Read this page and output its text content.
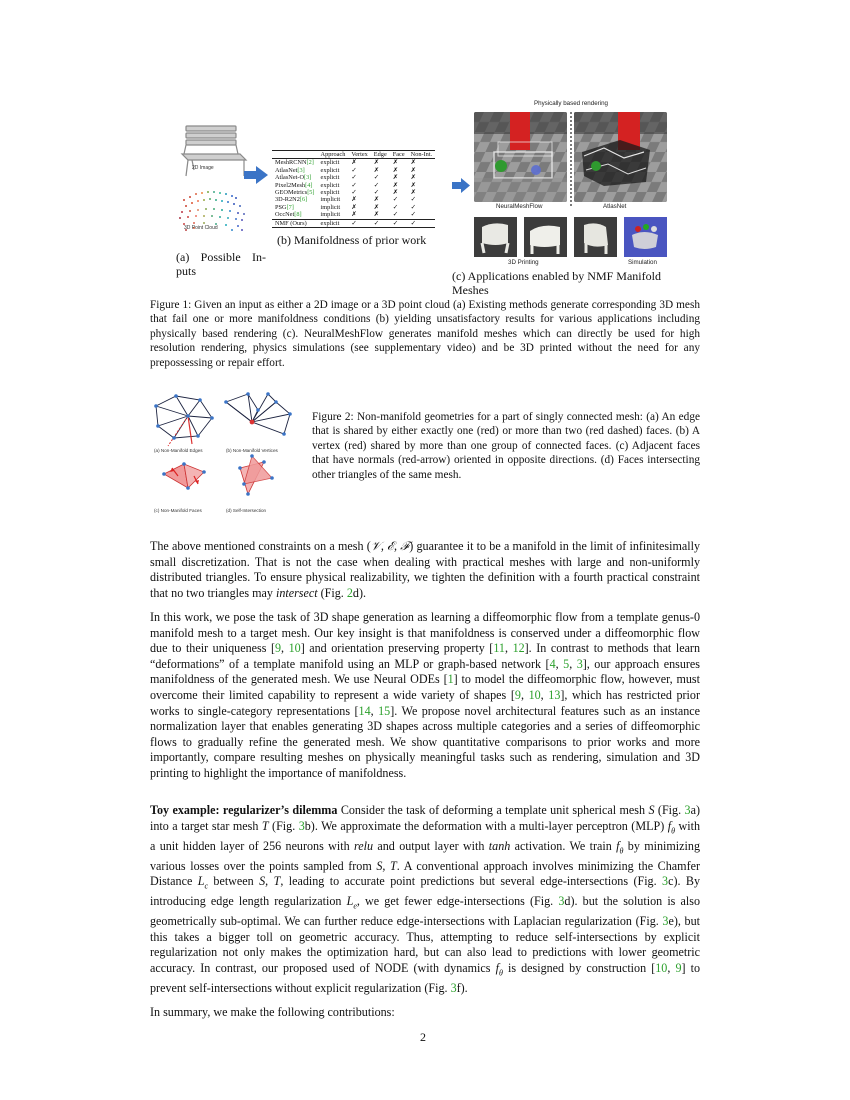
2D Image
3D Point Cloud
(a) Possible In-
puts
	Approach	Vertex	Edge	Face	Non-Int.
MeshRCNN[2]	explicit	✗	✗	✗	✗
AtlasNet[3]	explicit	✓	✗	✗	✗
AtlasNet-O[3]	explicit	✓	✓	✗	✗
Pixel2Mesh[4]	explicit	✓	✓	✗	✗
GEOMetrics[5]	explicit	✓	✓	✗	✗
3D-R2N2[6]	implicit	✗	✗	✓	✓
PSG[7]	implicit	✗	✗	✓	✓
OccNet[8]	implicit	✗	✗	✓	✓
NMF (Ours)	explicit	✓	✓	✓	✓
(b) Manifoldness of prior work
Physically based rendering
NeuralMeshFlow	AtlasNet
3D Printing	Simulation
(c) Applications enabled by NMF Manifold
Meshes
Figure 1: Given an input as either a 2D image or a 3D point cloud (a) Existing methods generate corresponding 3D mesh that fail one or more manifoldness conditions (b) yielding unsatisfactory results for various applications including physically based rendering (c). NeuralMeshFlow generates manifold meshes which can directly be used for high resolution rendering, physics simulations (see supplementary video) and be 3D printed without the need for any prepossessing or repair effort.
(a) Non-Manifold Edges	(b) Non-Manifold Vertices
(c) Non-Manifold Faces	(d) Self-Intersection
Figure 2: Non-manifold geometries for a part of singly connected mesh: (a) An edge that is shared by either exactly one (red) or more than two (red dashed) faces. (b) A vertex (red) shared by more than one group of connected faces. (c) Adjacent faces that have normals (red-arrow) oriented in opposite directions. (d) Faces intersecting other triangles of the same mesh.
The above mentioned constraints on a mesh (𝒱, ℰ, ℱ) guarantee it to be a manifold in the limit of infinitesimally small discretization. That is not the case when dealing with practical meshes with large and non-uniformly distributed triangles. To ensure physical realizability, we tighten the definition with a fourth practical constraint that no two triangles may intersect (Fig. 2d).
In this work, we pose the task of 3D shape generation as learning a diffeomorphic flow from a template genus-0 manifold mesh to a target mesh. Our key insight is that manifoldness is conserved under a diffeomorphic flow due to their uniqueness [9, 10] and orientation preserving property [11, 12]. In contrast to methods that learn “deformations” of a template manifold using an MLP or graph-based network [4, 5, 3], our approach ensures manifoldness of the generated mesh. We use Neural ODEs [1] to model the diffeomorphic flow, however, must overcome their limited capability to represent a wide variety of shapes [9, 10, 13], which has restricted prior works to single-category representations [14, 15]. We propose novel architectural features such as an instance normalization layer that enables generating 3D shapes across multiple categories and a series of diffeomorphic flows to gradually refine the generated mesh. We show quantitative comparisons to prior works and more importantly, compare resulting meshes on physically meaningful tasks such as rendering, simulation and 3D printing to highlight the importance of manifoldness.
Toy example: regularizer’s dilemma Consider the task of deforming a template unit spherical mesh S (Fig. 3a) into a target star mesh T (Fig. 3b). We approximate the deformation with a multi-layer perceptron (MLP) $f_\theta$ with a unit hidden layer of 256 neurons with relu and output layer with tanh activation. We train $f_\theta$ by minimizing various losses over the points sampled from S, T. A conventional approach involves minimizing the Chamfer Distance $L_c$ between S, T, leading to accurate point predictions but several edge-intersections (Fig. 3c). By introducing edge length regularization $L_e$, we get fewer edge-intersections (Fig. 3d). but the solution is also geometrically sub-optimal. We can further reduce edge-intersections with Laplacian regularization (Fig. 3e), but this takes a bigger toll on geometric accuracy. Thus, attempting to reduce self-intersections by explicit regularization not only makes the optimization hard, but can also lead to predictions with lower geometric accuracy. In contrast, our proposed used of NODE (with dynamics $f_\theta$ is designed by construction [10, 9] to prevent self-intersections without explicit regularization (Fig. 3f).
In summary, we make the following contributions:
2
